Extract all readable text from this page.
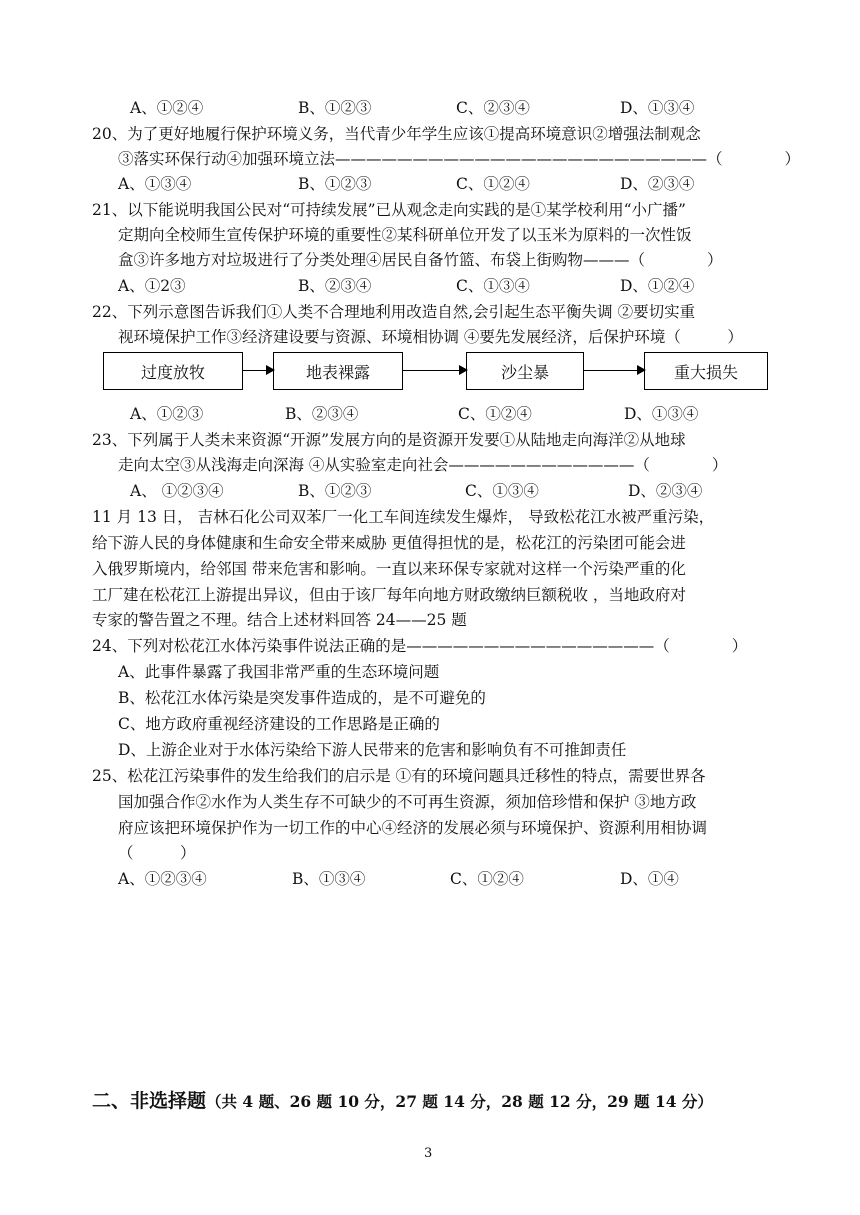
A、①②④	B、①②③	C、②③④	D、①③④
20、为了更好地履行保护环境义务，当代青少年学生应该①提高环境意识②增强法制观念
③落实环保行动④加强环境立法————————————————————————（　　　　）
A、①③④	B、①②③	C、①②④	D、②③④
21、以下能说明我国公民对“可持续发展”已从观念走向实践的是①某学校利用“小广播”
定期向全校师生宣传保护环境的重要性②某科研单位开发了以玉米为原料的一次性饭
盒③许多地方对垃圾进行了分类处理④居民自备竹篮、布袋上街购物———（　　　　）
A、①2③	B、②③④	C、①③④	D、①②④
22、下列示意图告诉我们①人类不合理地利用改造自然,会引起生态平衡失调 ②要切实重
视环境保护工作③经济建设要与资源、环境相协调 ④要先发展经济，后保护环境（　　　）
过度放牧	地表裸露	沙尘暴	重大损失
A、①②③	B、②③④	C、①②④	D、①③④
23、下列属于人类未来资源“开源”发展方向的是资源开发要①从陆地走向海洋②从地球
走向太空③从浅海走向深海 ④从实验室走向社会————————————（　　　　）
A、 ①②③④	B、①②③	C、①③④	D、②③④
11 月 13 日， 吉林石化公司双苯厂一化工车间连续发生爆炸， 导致松花江水被严重污染，
给下游人民的身体健康和生命安全带来威胁 更值得担忧的是，松花江的污染团可能会进
入俄罗斯境内，给邻国 带来危害和影响。一直以来环保专家就对这样一个污染严重的化
工厂建在松花江上游提出异议，但由于该厂每年向地方财政缴纳巨额税收 ，当地政府对
专家的警告置之不理。结合上述材料回答 24——25 题
24、下列对松花江水体污染事件说法正确的是————————————————（　　　　）
A、此事件暴露了我国非常严重的生态环境问题
B、松花江水体污染是突发事件造成的，是不可避免的
C、地方政府重视经济建设的工作思路是正确的
D、上游企业对于水体污染给下游人民带来的危害和影响负有不可推卸责任
25、松花江污染事件的发生给我们的启示是 ①有的环境问题具迁移性的特点，需要世界各
国加强合作②水作为人类生存不可缺少的不可再生资源，须加倍珍惜和保护 ③地方政
府应该把环境保护作为一切工作的中心④经济的发展必须与环境保护、资源利用相协调
（　　　）
A、①②③④	B、①③④	C、①②④	D、①④
二、非选择题（共 4 题、26 题 10 分，27 题 14 分，28 题 12 分，29 题 14 分）
3
